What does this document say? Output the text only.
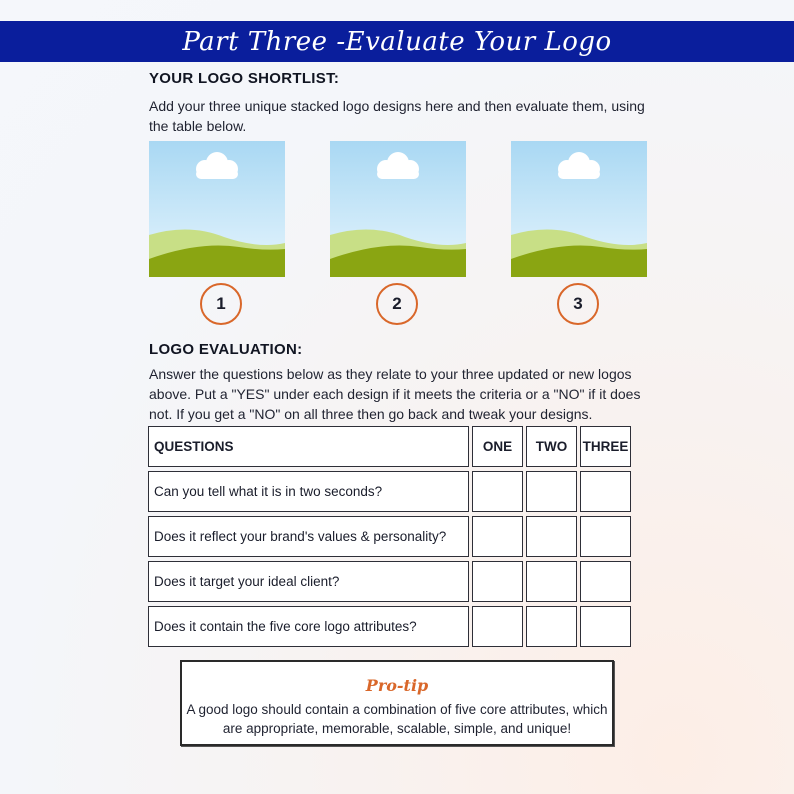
Part Three -Evaluate Your Logo
YOUR LOGO SHORTLIST:
Add your three unique stacked logo designs here and then evaluate them, using the table below.
1	2	3
LOGO EVALUATION:
Answer the questions below as they relate to your three updated or new logos above. Put a "YES" under each design if it meets the criteria or a "NO" if it does not. If you get a "NO" on all three then go back and tweak your designs.
QUESTIONS	ONE	TWO	THREE
Can you tell what it is in two seconds?
Does it reflect your brand's values & personality?
Does it target your ideal client?
Does it contain the five core logo attributes?
Pro-tip
A good logo should contain a combination of five core attributes, which are appropriate, memorable, scalable, simple, and unique!
